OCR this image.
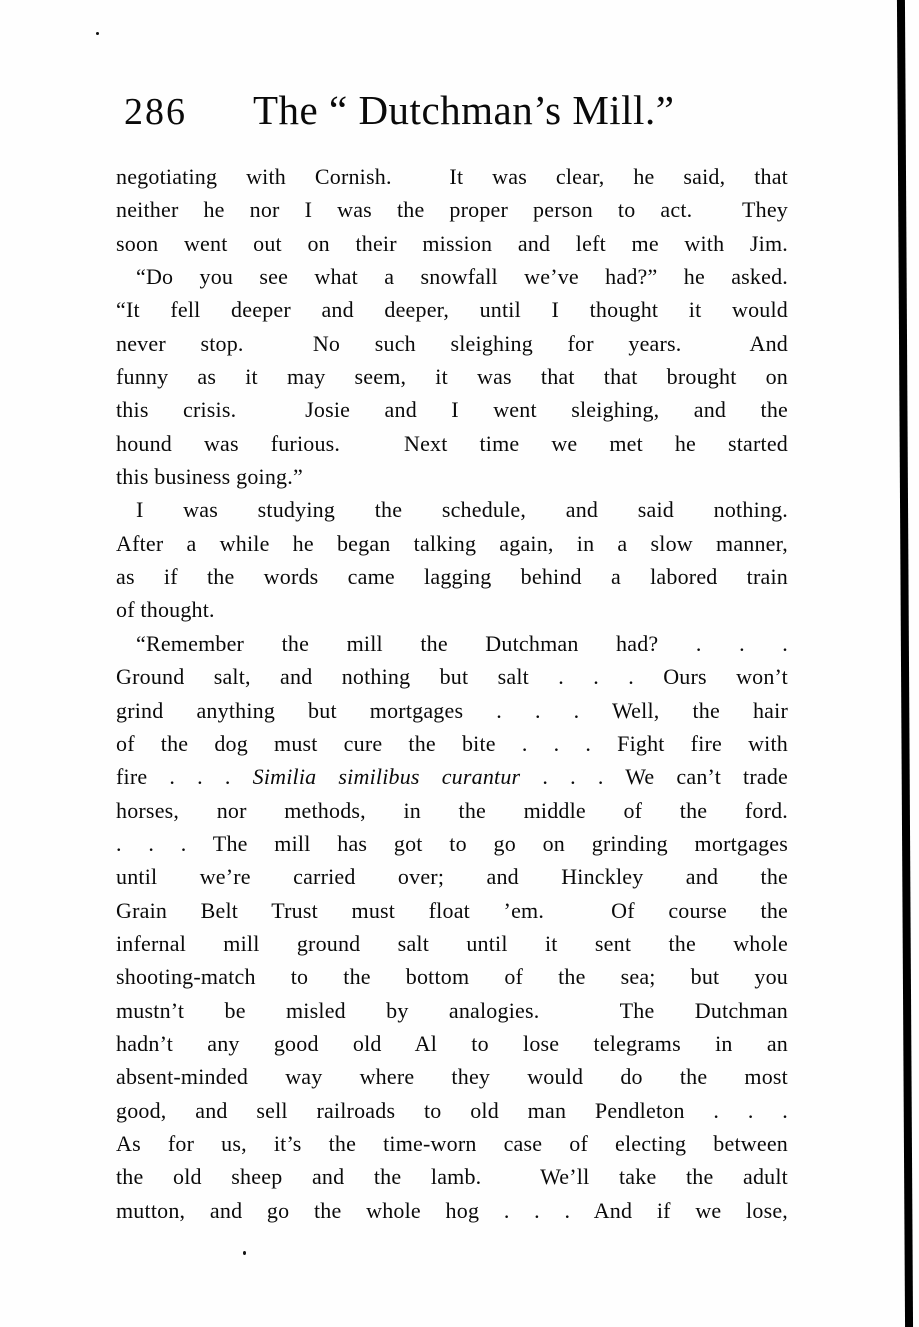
286 The “ Dutchman’s Mill.”
negotiating with Cornish.  It was clear, he said, that
neither he nor I was the proper person to act.  They
soon went out on their mission and left me with Jim.
“Do you see what a snowfall we’ve had?” he asked.
“It fell deeper and deeper, until I thought it would
never stop.  No such sleighing for years.  And
funny as it may seem, it was that that brought on
this crisis.  Josie and I went sleighing, and the
hound was furious.  Next time we met he started
this business going.”
I was studying the schedule, and said nothing.
After a while he began talking again, in a slow manner,
as if the words came lagging behind a labored train
of thought.
“Remember the mill the Dutchman had? . . .
Ground salt, and nothing but salt . . . Ours won’t
grind anything but mortgages . . . Well, the hair
of the dog must cure the bite . . . Fight fire with
fire . . . Similia similibus curantur . . . We can’t trade
horses, nor methods, in the middle of the ford.
. . . The mill has got to go on grinding mortgages
until we’re carried over; and Hinckley and the
Grain Belt Trust must float ’em.  Of course the
infernal mill ground salt until it sent the whole
shooting-match to the bottom of the sea; but you
mustn’t be misled by analogies.  The Dutchman
hadn’t any good old Al to lose telegrams in an
absent-minded way where they would do the most
good, and sell railroads to old man Pendleton . . .
As for us, it’s the time-worn case of electing between
the old sheep and the lamb.  We’ll take the adult
mutton, and go the whole hog . . . And if we lose,
